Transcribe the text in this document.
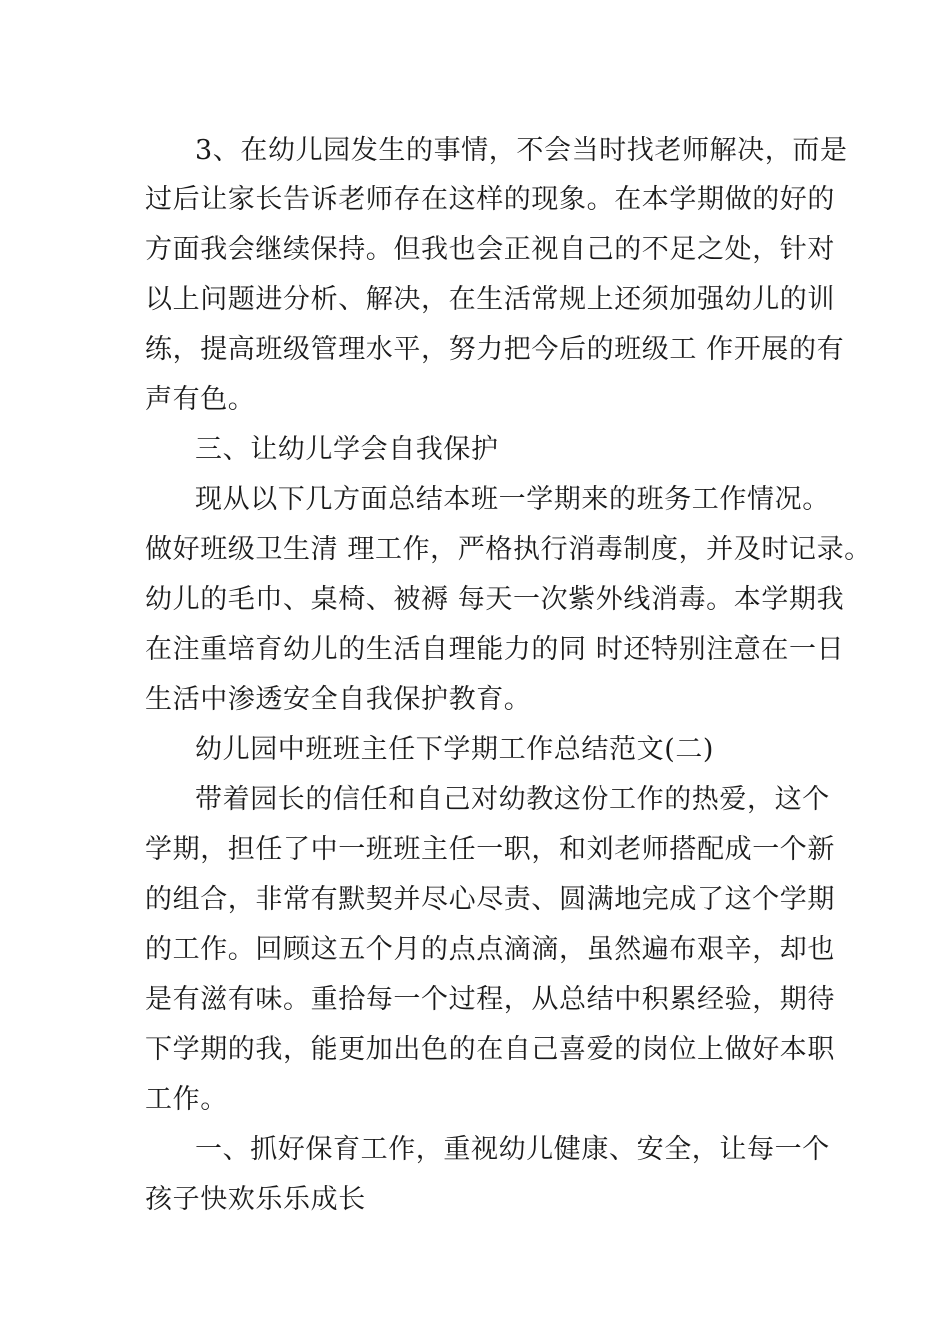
3、在幼儿园发生的事情，不会当时找老师解决，而是
过后让家长告诉老师存在这样的现象。在本学期做的好的
方面我会继续保持。但我也会正视自己的不足之处，针对
以上问题进分析、解决，在生活常规上还须加强幼儿的训
练，提高班级管理水平，努力把今后的班级工 作开展的有
声有色。
三、让幼儿学会自我保护
现从以下几方面总结本班一学期来的班务工作情况。
做好班级卫生清 理工作，严格执行消毒制度，并及时记录。
幼儿的毛巾、桌椅、被褥 每天一次紫外线消毒。本学期我
在注重培育幼儿的生活自理能力的同 时还特别注意在一日
生活中渗透安全自我保护教育。
幼儿园中班班主任下学期工作总结范文(二)
带着园长的信任和自己对幼教这份工作的热爱，这个
学期，担任了中一班班主任一职，和刘老师搭配成一个新
的组合，非常有默契并尽心尽责、圆满地完成了这个学期
的工作。回顾这五个月的点点滴滴，虽然遍布艰辛，却也
是有滋有味。重拾每一个过程，从总结中积累经验，期待
下学期的我，能更加出色的在自己喜爱的岗位上做好本职
工作。
一、抓好保育工作，重视幼儿健康、安全，让每一个
孩子快欢乐乐成长
